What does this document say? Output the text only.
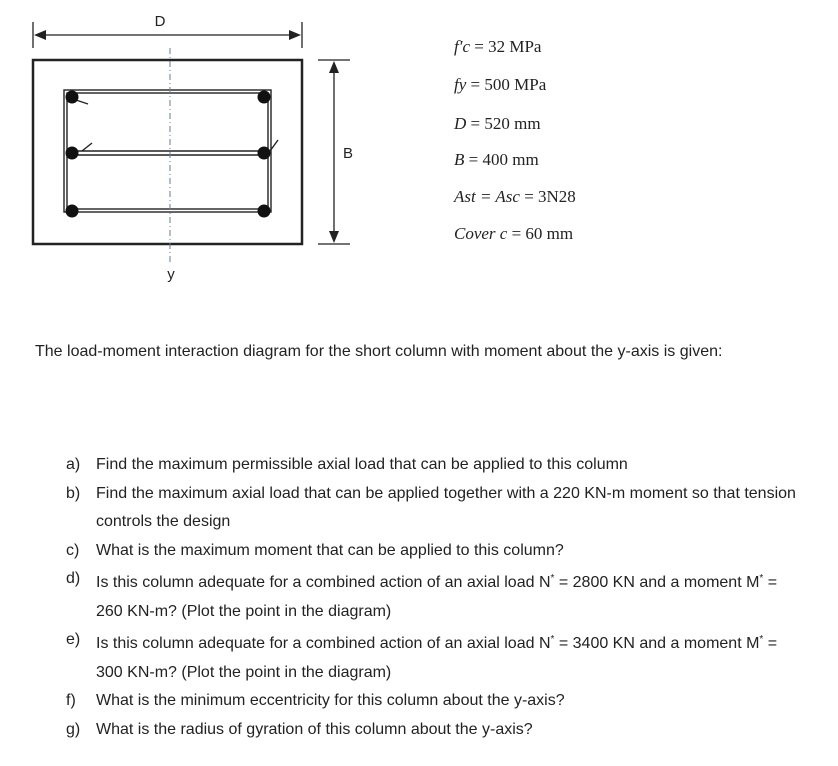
D
y
B
f′c = 32 MPa
fy = 500 MPa
D = 520 mm
B = 400 mm
Ast = Asc = 3N28
Cover c = 60 mm
The load-moment interaction diagram for the short column with moment about the y-axis is given:
a) Find the maximum permissible axial load that can be applied to this column
b) Find the maximum axial load that can be applied together with a 220 KN-m moment so that tension controls the design
c) What is the maximum moment that can be applied to this column?
d) Is this column adequate for a combined action of an axial load N* = 2800 KN and a moment M* = 260 KN-m? (Plot the point in the diagram)
e) Is this column adequate for a combined action of an axial load N* = 3400 KN and a moment M* = 300 KN-m? (Plot the point in the diagram)
f) What is the minimum eccentricity for this column about the y-axis?
g) What is the radius of gyration of this column about the y-axis?
